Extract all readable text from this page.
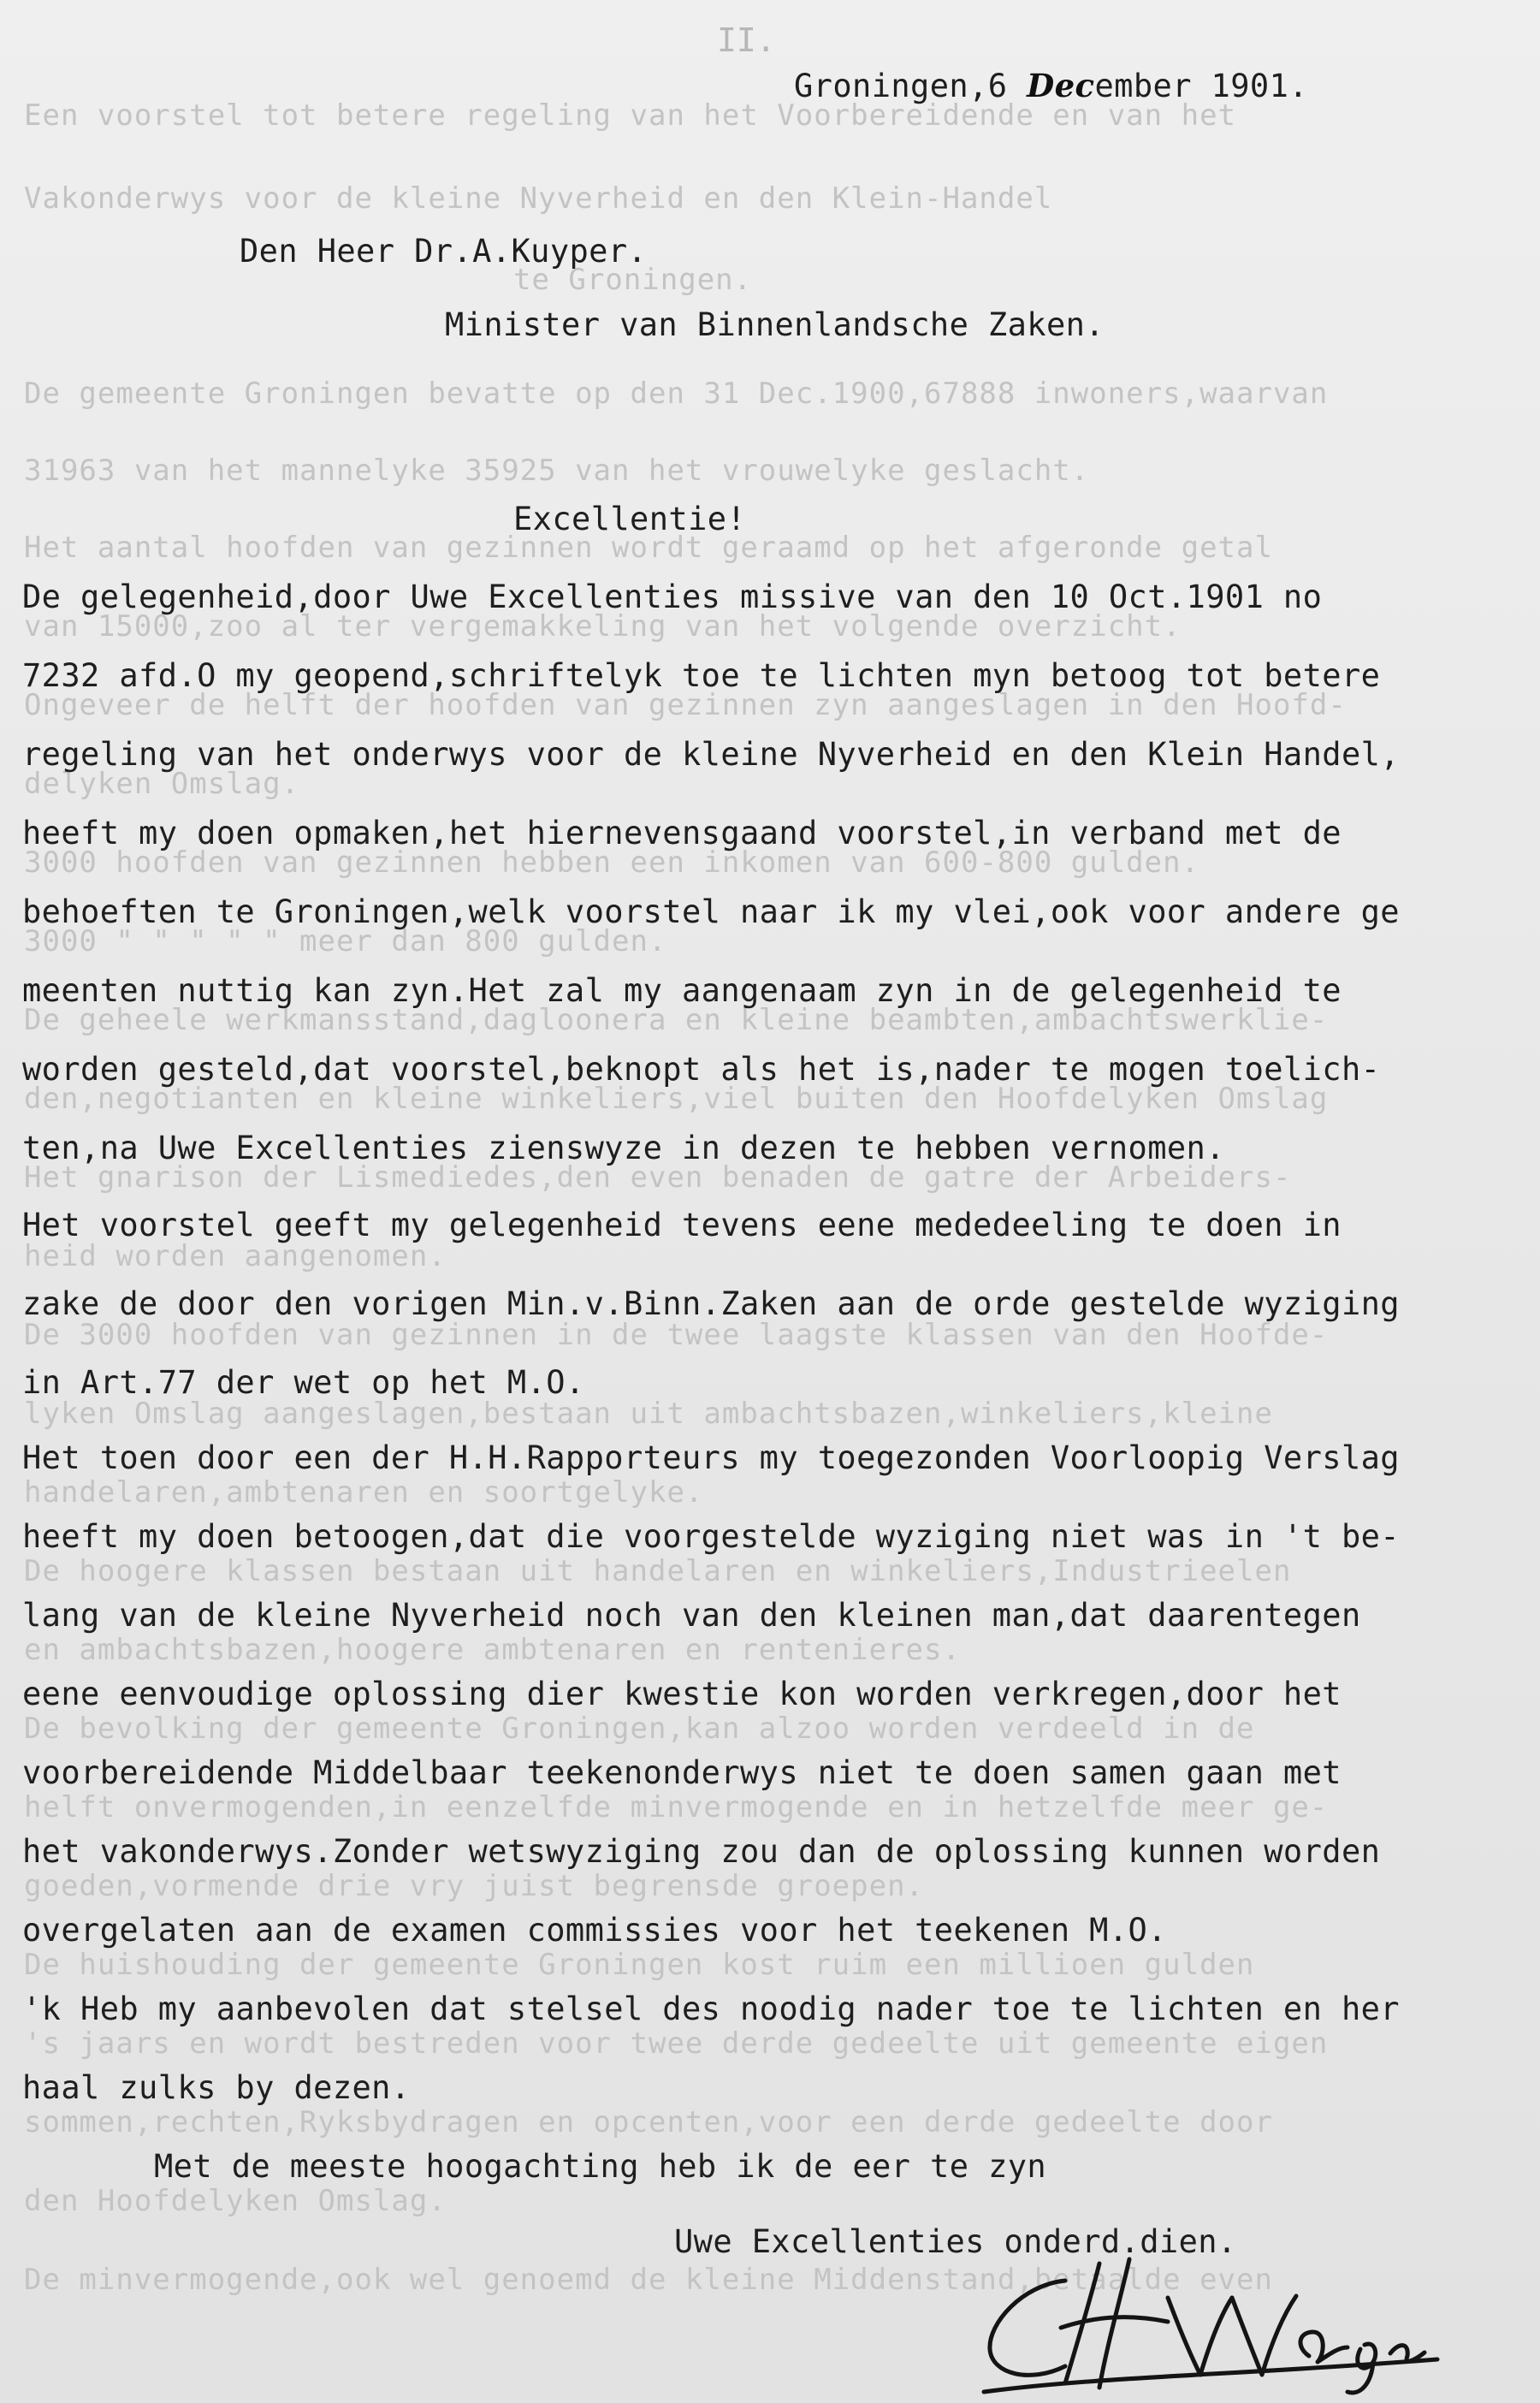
Een voorstel tot betere regeling van het Voorbereidende en van het
Vakonderwys voor de kleine Nyverheid en den Klein-Handel
te Groningen.
De gemeente Groningen bevatte op den 31 Dec.1900,67888 inwoners,waarvan
31963 van het mannelyke 35925 van het vrouwelyke geslacht.
Het aantal hoofden van gezinnen wordt geraamd op het afgeronde getal
van 15000,zoo al ter vergemakkeling van het volgende overzicht.
Ongeveer de helft der hoofden van gezinnen zyn aangeslagen in den Hoofd-
delyken Omslag.
3000 hoofden van gezinnen hebben een inkomen van 600-800 gulden.
3000 " " " " " meer dan 800 gulden.
De geheele werkmansstand,dagloonera en kleine beambten,ambachtswerklie-
den,negotianten en kleine winkeliers,viel buiten den Hoofdelyken Omslag
Het gnarison der Lismediedes,den even benaden de gatre der Arbeiders-
heid worden aangenomen.
De 3000 hoofden van gezinnen in de twee laagste klassen van den Hoofde-
lyken Omslag aangeslagen,bestaan uit ambachtsbazen,winkeliers,kleine
handelaren,ambtenaren en soortgelyke.
De hoogere klassen bestaan uit handelaren en winkeliers,Industrieelen
en ambachtsbazen,hoogere ambtenaren en rentenieres.
De bevolking der gemeente Groningen,kan alzoo worden verdeeld in de
helft onvermogenden,in eenzelfde minvermogende en in hetzelfde meer ge-
goeden,vormende drie vry juist begrensde groepen.
De huishouding der gemeente Groningen kost ruim een millioen gulden
's jaars en wordt bestreden voor twee derde gedeelte uit gemeente eigen
sommen,rechten,Ryksbydragen en opcenten,voor een derde gedeelte door
den Hoofdelyken Omslag.
De minvermogende,ook wel genoemd de kleine Middenstand,betaalde even
II.
Groningen,6 December 1901.
Den Heer Dr.A.Kuyper.
Minister van Binnenlandsche Zaken.
Excellentie!
De gelegenheid,door Uwe Excellenties missive van den 10 Oct.1901 no
7232 afd.O my geopend,schriftelyk toe te lichten myn betoog tot betere
regeling van het onderwys voor de kleine Nyverheid en den Klein Handel,
heeft my doen opmaken,het hiernevensgaand voorstel,in verband met de
behoeften te Groningen,welk voorstel naar ik my vlei,ook voor andere ge
meenten nuttig kan zyn.Het zal my aangenaam zyn in de gelegenheid te
worden gesteld,dat voorstel,beknopt als het is,nader te mogen toelich-
ten,na Uwe Excellenties zienswyze in dezen te hebben vernomen.
Het voorstel geeft my gelegenheid tevens eene mededeeling te doen in
zake de door den vorigen Min.v.Binn.Zaken aan de orde gestelde wyziging
in Art.77 der wet op het M.O.
Het toen door een der H.H.Rapporteurs my toegezonden Voorloopig Verslag
heeft my doen betoogen,dat die voorgestelde wyziging niet was in 't be-
lang van de kleine Nyverheid noch van den kleinen man,dat daarentegen
eene eenvoudige oplossing dier kwestie kon worden verkregen,door het
voorbereidende Middelbaar teekenonderwys niet te doen samen gaan met
het vakonderwys.Zonder wetswyziging zou dan de oplossing kunnen worden
overgelaten aan de examen commissies voor het teekenen M.O.
'k Heb my aanbevolen dat stelsel des noodig nader toe te lichten en her
haal zulks by dezen.
Met de meeste hoogachting heb ik de eer te zyn
Uwe Excellenties onderd.dien.
